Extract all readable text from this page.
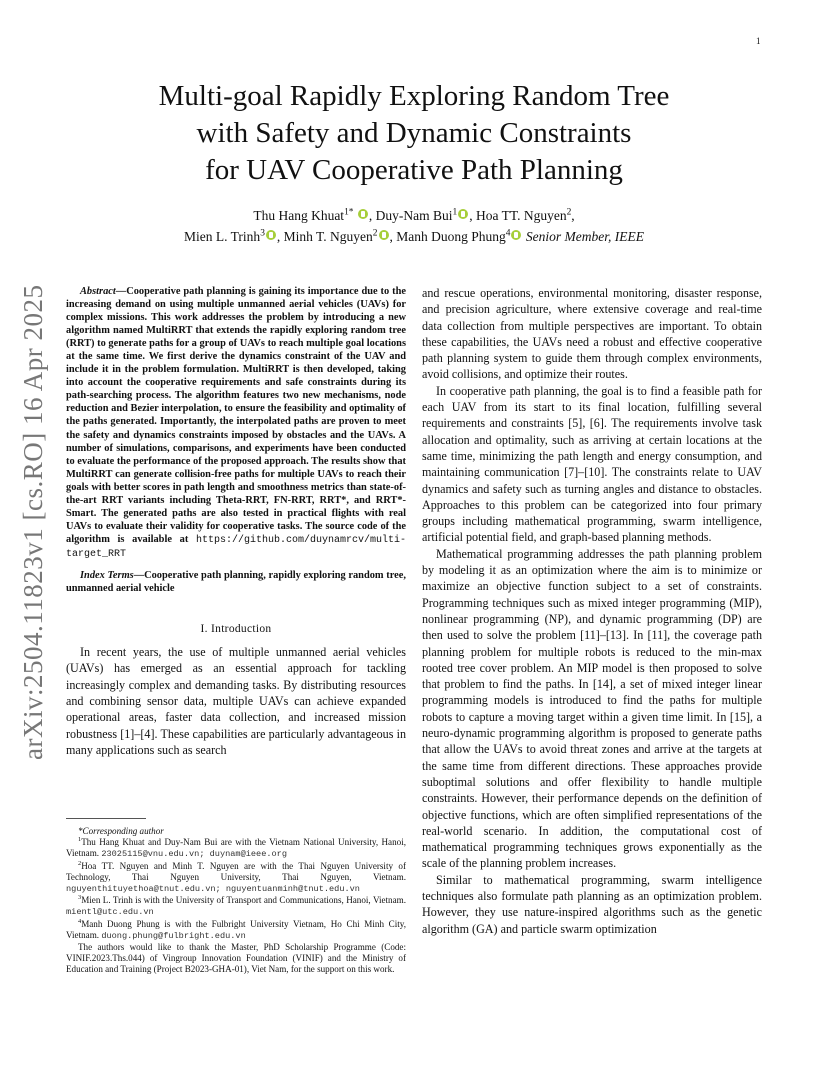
1
arXiv:2504.11823v1 [cs.RO] 16 Apr 2025
Multi-goal Rapidly Exploring Random Tree
with Safety and Dynamic Constraints
for UAV Cooperative Path Planning
Thu Hang Khuat$^{1*}$ , Duy-Nam Bui$^1$ , Hoa TT. Nguyen$^2$,
Mien L. Trinh$^3$ , Minh T. Nguyen$^2$ , Manh Duong Phung$^4$ Senior Member, IEEE

Abstract—Cooperative path planning is gaining its importance due to the increasing demand on using multiple unmanned aerial vehicles (UAVs) for complex missions. This work addresses the problem by introducing a new algorithm named MultiRRT that extends the rapidly exploring random tree (RRT) to generate paths for a group of UAVs to reach multiple goal locations at the same time. We first derive the dynamics constraint of the UAV and include it in the problem formulation. MultiRRT is then developed, taking into account the cooperative requirements and safe constraints during its path-searching process. The algorithm features two new mechanisms, node reduction and Bezier interpolation, to ensure the feasibility and optimality of the paths generated. Importantly, the interpolated paths are proven to meet the safety and dynamics constraints imposed by obstacles and the UAVs. A number of simulations, comparisons, and experiments have been conducted to evaluate the performance of the proposed approach. The results show that MultiRRT can generate collision-free paths for multiple UAVs to reach their goals with better scores in path length and smoothness metrics than state-of-the-art RRT variants including Theta-RRT, FN-RRT, RRT*, and RRT*-Smart. The generated paths are also tested in practical flights with real UAVs to evaluate their validity for cooperative tasks. The source code of the algorithm is available at https://github.com/duynamrcv/multi-target_RRT

Index Terms—Cooperative path planning, rapidly exploring random tree, unmanned aerial vehicle

I. Introduction

In recent years, the use of multiple unmanned aerial vehicles (UAVs) has emerged as an essential approach for tackling increasingly complex and demanding tasks. By distributing resources and combining sensor data, multiple UAVs can achieve expanded operational areas, faster data collection, and increased mission robustness [1]–[4]. These capabilities are particularly advantageous in many applications such as search

*Corresponding author

$^1$Thu Hang Khuat and Duy-Nam Bui are with the Vietnam National University, Hanoi, Vietnam. 23025115@vnu.edu.vn; duynam@ieee.org

$^2$Hoa TT. Nguyen and Minh T. Nguyen are with the Thai Nguyen University of Technology, Thai Nguyen University, Thai Nguyen, Vietnam. nguyenthituyethoa@tnut.edu.vn; nguyentuanminh@tnut.edu.vn

$^3$Mien L. Trinh is with the University of Transport and Communications, Hanoi, Vietnam. mientl@utc.edu.vn

$^4$Manh Duong Phung is with the Fulbright University Vietnam, Ho Chi Minh City, Vietnam. duong.phung@fulbright.edu.vn

The authors would like to thank the Master, PhD Scholarship Programme (Code: VINIF.2023.Ths.044) of Vingroup Innovation Foundation (VINIF) and the Ministry of Education and Training (Project B2023-GHA-01), Viet Nam, for the support on this work.

and rescue operations, environmental monitoring, disaster response, and precision agriculture, where extensive coverage and real-time data collection from multiple perspectives are important. To obtain these capabilities, the UAVs need a robust and effective cooperative path planning system to guide them through complex environments, avoid collisions, and optimize their routes.

In cooperative path planning, the goal is to find a feasible path for each UAV from its start to its final location, fulfilling several requirements and constraints [5], [6]. The requirements involve task allocation and optimality, such as arriving at certain locations at the same time, minimizing the path length and energy consumption, and maintaining communication [7]–[10]. The constraints relate to UAV dynamics and safety such as turning angles and distance to obstacles. Approaches to this problem can be categorized into four primary groups including mathematical programming, swarm intelligence, artificial potential field, and graph-based planning methods.

Mathematical programming addresses the path planning problem by modeling it as an optimization where the aim is to minimize or maximize an objective function subject to a set of constraints. Programming techniques such as mixed integer programming (MIP), nonlinear programming (NP), and dynamic programming (DP) are then used to solve the problem [11]–[13]. In [11], the coverage path planning problem for multiple robots is reduced to the min-max rooted tree cover problem. An MIP model is then proposed to solve that problem to find the paths. In [14], a set of mixed integer linear programming models is introduced to find the paths for multiple robots to capture a moving target within a given time limit. In [15], a neuro-dynamic programming algorithm is proposed to generate paths that allow the UAVs to avoid threat zones and arrive at the targets at the same time from different directions. These approaches provide suboptimal solutions and offer flexibility to handle multiple constraints. However, their performance depends on the definition of objective functions, which are often simplified representations of the real-world scenario. In addition, the computational cost of mathematical programming techniques grows exponentially as the scale of the planning problem increases.

Similar to mathematical programming, swarm intelligence techniques also formulate path planning as an optimization problem. However, they use nature-inspired algorithms such as the genetic algorithm (GA) and particle swarm optimization
